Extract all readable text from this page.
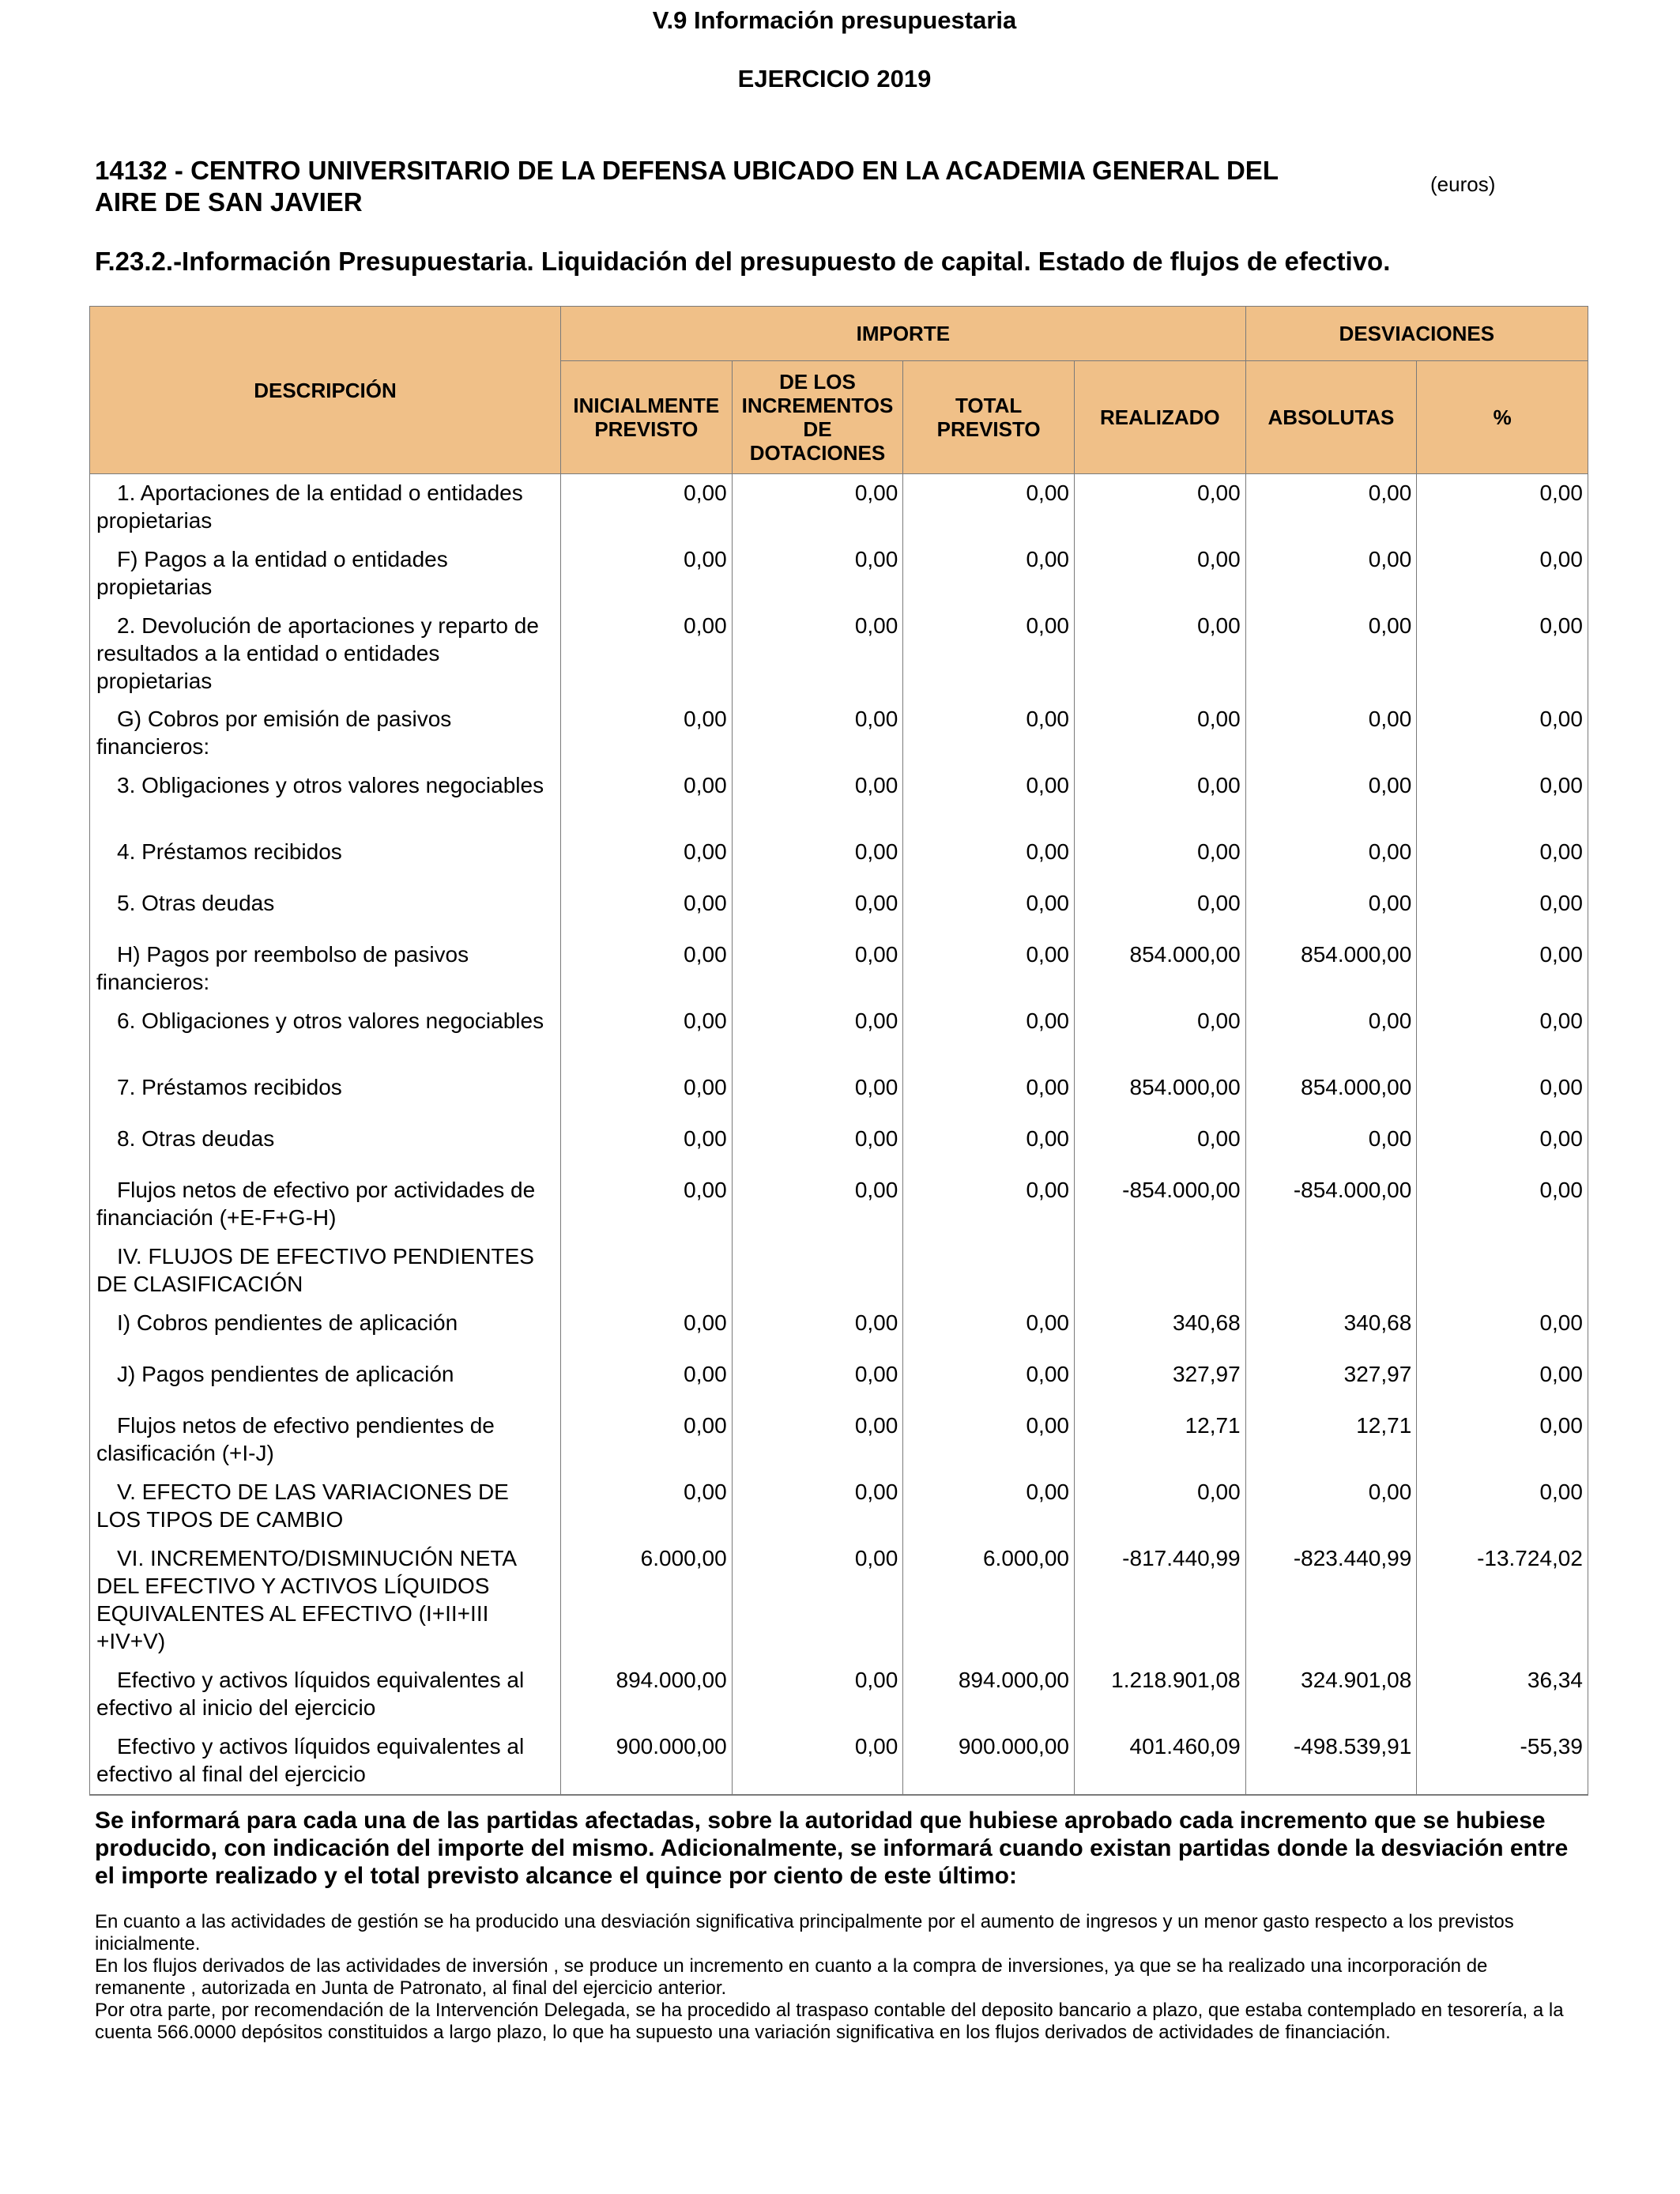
V.9 Información presupuestaria
EJERCICIO 2019
14132 - CENTRO UNIVERSITARIO DE LA DEFENSA UBICADO EN LA ACADEMIA GENERAL DEL AIRE DE SAN JAVIER
(euros)
F.23.2.-Información Presupuestaria. Liquidación del presupuesto de capital. Estado de flujos de efectivo.
DESCRIPCIÓN	IMPORTE				DESVIACIONES	
	INICIALMENTE PREVISTO	DE LOS INCREMENTOS DE DOTACIONES	TOTAL PREVISTO	REALIZADO	ABSOLUTAS	%
1. Aportaciones de la entidad o entidades propietarias	0,00	0,00	0,00	0,00	0,00	0,00
F) Pagos a la entidad o entidades propietarias	0,00	0,00	0,00	0,00	0,00	0,00
2. Devolución de aportaciones y reparto de resultados a la entidad o entidades propietarias	0,00	0,00	0,00	0,00	0,00	0,00
G) Cobros por emisión de pasivos financieros:	0,00	0,00	0,00	0,00	0,00	0,00
3. Obligaciones y otros valores negociables	0,00	0,00	0,00	0,00	0,00	0,00
4. Préstamos recibidos	0,00	0,00	0,00	0,00	0,00	0,00
5. Otras deudas	0,00	0,00	0,00	0,00	0,00	0,00
H) Pagos por reembolso de pasivos financieros:	0,00	0,00	0,00	854.000,00	854.000,00	0,00
6. Obligaciones y otros valores negociables	0,00	0,00	0,00	0,00	0,00	0,00
7. Préstamos recibidos	0,00	0,00	0,00	854.000,00	854.000,00	0,00
8. Otras deudas	0,00	0,00	0,00	0,00	0,00	0,00
Flujos netos de efectivo por actividades de financiación (+E-F+G-H)	0,00	0,00	0,00	-854.000,00	-854.000,00	0,00
IV. FLUJOS DE EFECTIVO PENDIENTES DE CLASIFICACIÓN						
I) Cobros pendientes de aplicación	0,00	0,00	0,00	340,68	340,68	0,00
J) Pagos pendientes de aplicación	0,00	0,00	0,00	327,97	327,97	0,00
Flujos netos de efectivo pendientes de clasificación (+I-J)	0,00	0,00	0,00	12,71	12,71	0,00
V. EFECTO DE LAS VARIACIONES DE LOS TIPOS DE CAMBIO	0,00	0,00	0,00	0,00	0,00	0,00
VI. INCREMENTO/DISMINUCIÓN NETA DEL EFECTIVO Y ACTIVOS LÍQUIDOS EQUIVALENTES AL EFECTIVO (I+II+III +IV+V)	6.000,00	0,00	6.000,00	-817.440,99	-823.440,99	-13.724,02
Efectivo y activos líquidos equivalentes al efectivo al inicio del ejercicio	894.000,00	0,00	894.000,00	1.218.901,08	324.901,08	36,34
Efectivo y activos líquidos equivalentes al efectivo al final del ejercicio	900.000,00	0,00	900.000,00	401.460,09	-498.539,91	-55,39
Se informará para cada una de las partidas afectadas, sobre la autoridad que hubiese aprobado cada incremento que se hubiese producido, con indicación del importe del mismo. Adicionalmente, se informará cuando existan partidas donde la desviación entre el importe realizado y el total previsto alcance el quince por ciento de este último:

En cuanto a las actividades de gestión se ha producido una desviación significativa principalmente por el aumento de ingresos y un menor gasto respecto a los previstos inicialmente.

En los flujos derivados de las actividades de inversión , se produce un incremento en cuanto a la compra de inversiones, ya que se ha realizado una incorporación de remanente , autorizada en Junta de Patronato, al final del ejercicio anterior.

Por otra parte, por recomendación de la Intervención Delegada, se ha procedido al traspaso contable del deposito bancario a plazo, que estaba contemplado en tesorería, a la cuenta 566.0000 depósitos constituidos a largo plazo, lo que ha supuesto una variación significativa en los flujos derivados de actividades de financiación.
